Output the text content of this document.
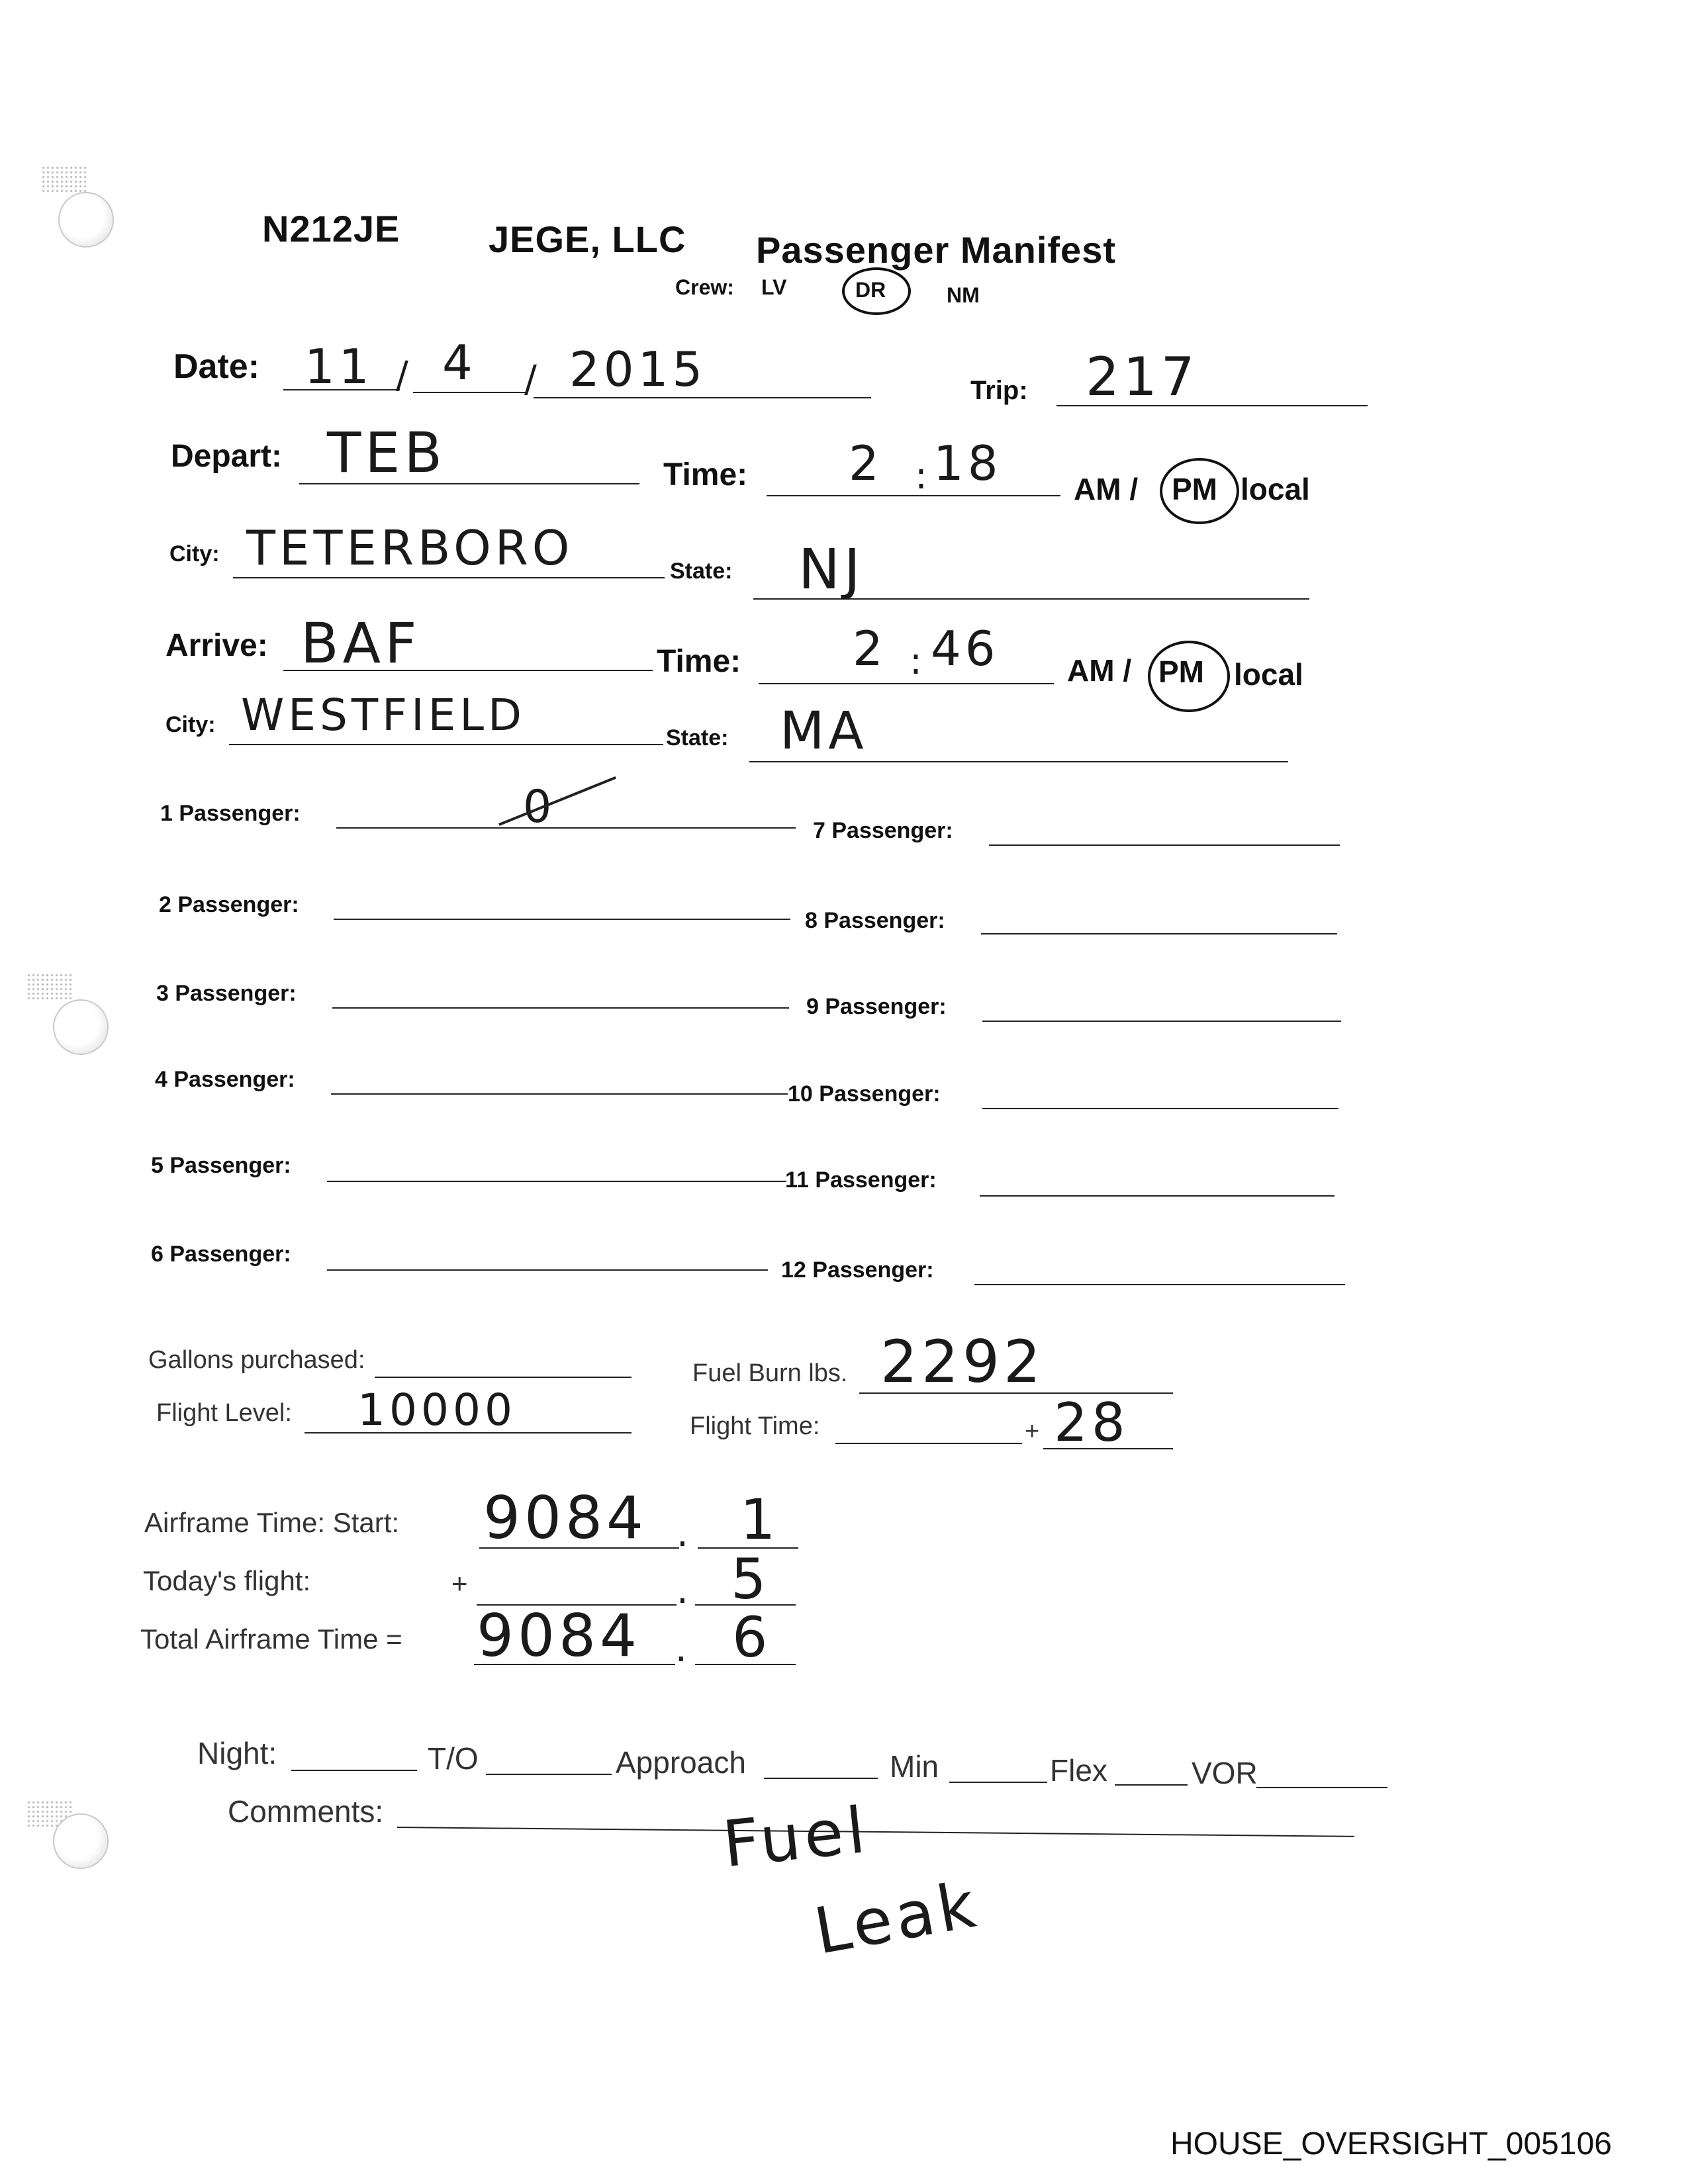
N212JE JEGE, LLC Passenger Manifest
Crew: LV	DR	NM
Date: 11 / 4 / 2015	Trip: 217
Depart: TEB	Time: 2 : 18 AM / PM local
City: TETERBORO	State: NJ
Arrive: BAF	Time: 2 : 46 AM / PM local
City: WESTFIELD	State: MA
1 Passenger:	0
2 Passenger:
3 Passenger:
4 Passenger:
5 Passenger:
6 Passenger:
7 Passenger:
8 Passenger:
9 Passenger:
10 Passenger:
11 Passenger:
12 Passenger:
Gallons purchased:	Fuel Burn lbs. 2292
Flight Level: 10000	Flight Time:	+ 28
Airframe Time: Start: 9084 . 1
Today's flight:	+	. 5
Total Airframe Time = 9084 . 6
Night:	T/O	Approach	Min	Flex	VOR
Comments:	Fuel
Leak
HOUSE_OVERSIGHT_005106
